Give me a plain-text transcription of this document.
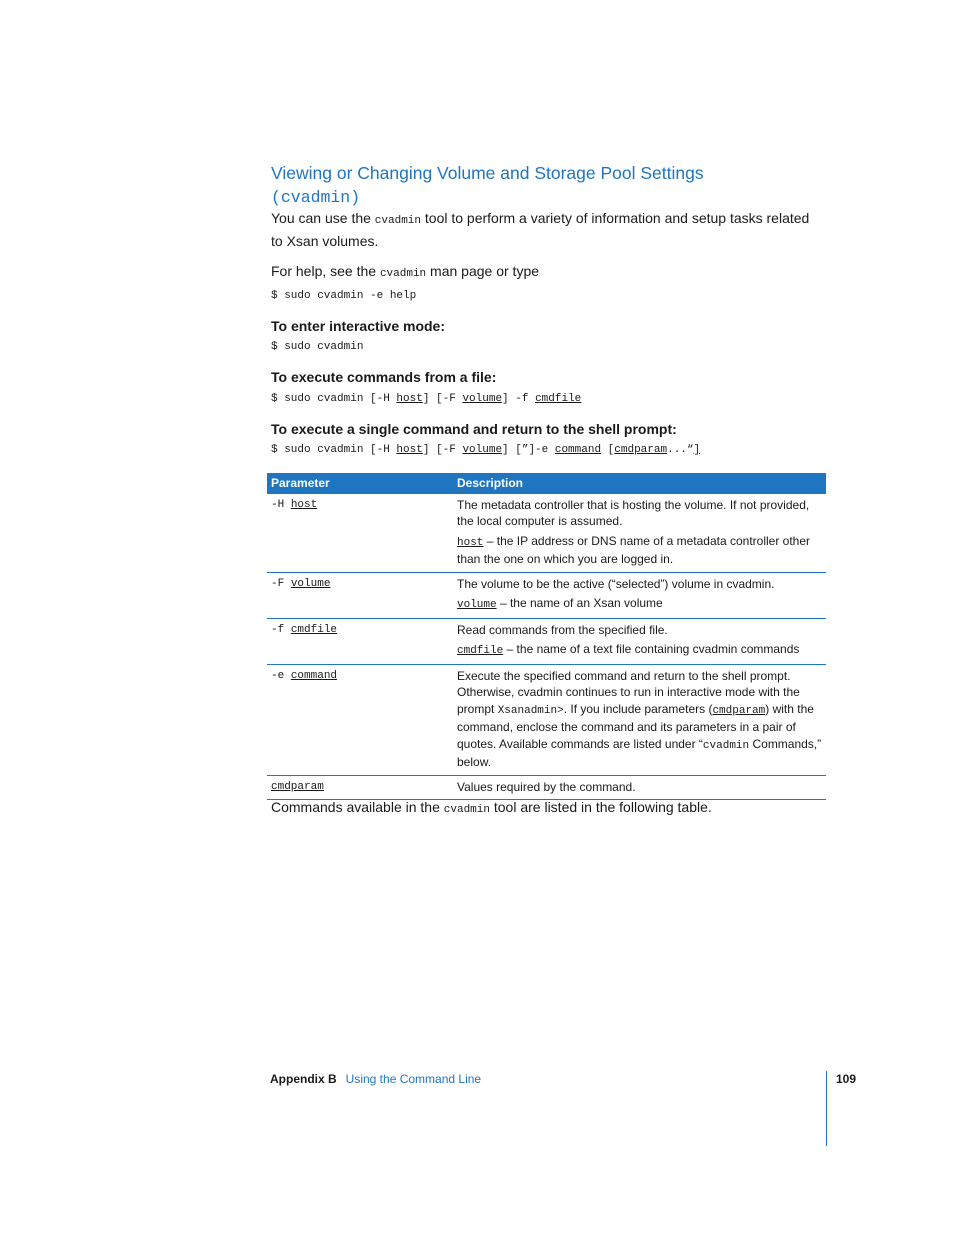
Viewing or Changing Volume and Storage Pool Settings
(cvadmin)
You can use the cvadmin tool to perform a variety of information and setup tasks related to Xsan volumes.
For help, see the cvadmin man page or type
$ sudo cvadmin -e help
To enter interactive mode:
$ sudo cvadmin
To execute commands from a file:
$ sudo cvadmin [-H host] [-F volume] -f cmdfile
To execute a single command and return to the shell prompt:
$ sudo cvadmin [-H host] [-F volume] [”]-e command [cmdparam...“]
Parameter	Description
-H host	The metadata controller that is hosting the volume. If not provided, the local computer is assumed.

host – the IP address or DNS name of a metadata controller other than the one on which you are logged in.

-F volume	The volume to be the active (“selected”) volume in cvadmin.

volume – the name of an Xsan volume

-f cmdfile	Read commands from the specified file.

cmdfile – the name of a text file containing cvadmin commands

-e command	Execute the specified command and return to the shell prompt. Otherwise, cvadmin continues to run in interactive mode with the prompt Xsanadmin>. If you include parameters (cmdparam) with the command, enclose the command and its parameters in a pair of quotes. Available commands are listed under “cvadmin Commands,” below.

cmdparam	Values required by the command.

Commands available in the cvadmin tool are listed in the following table.
Appendix B Using the Command Line	109
